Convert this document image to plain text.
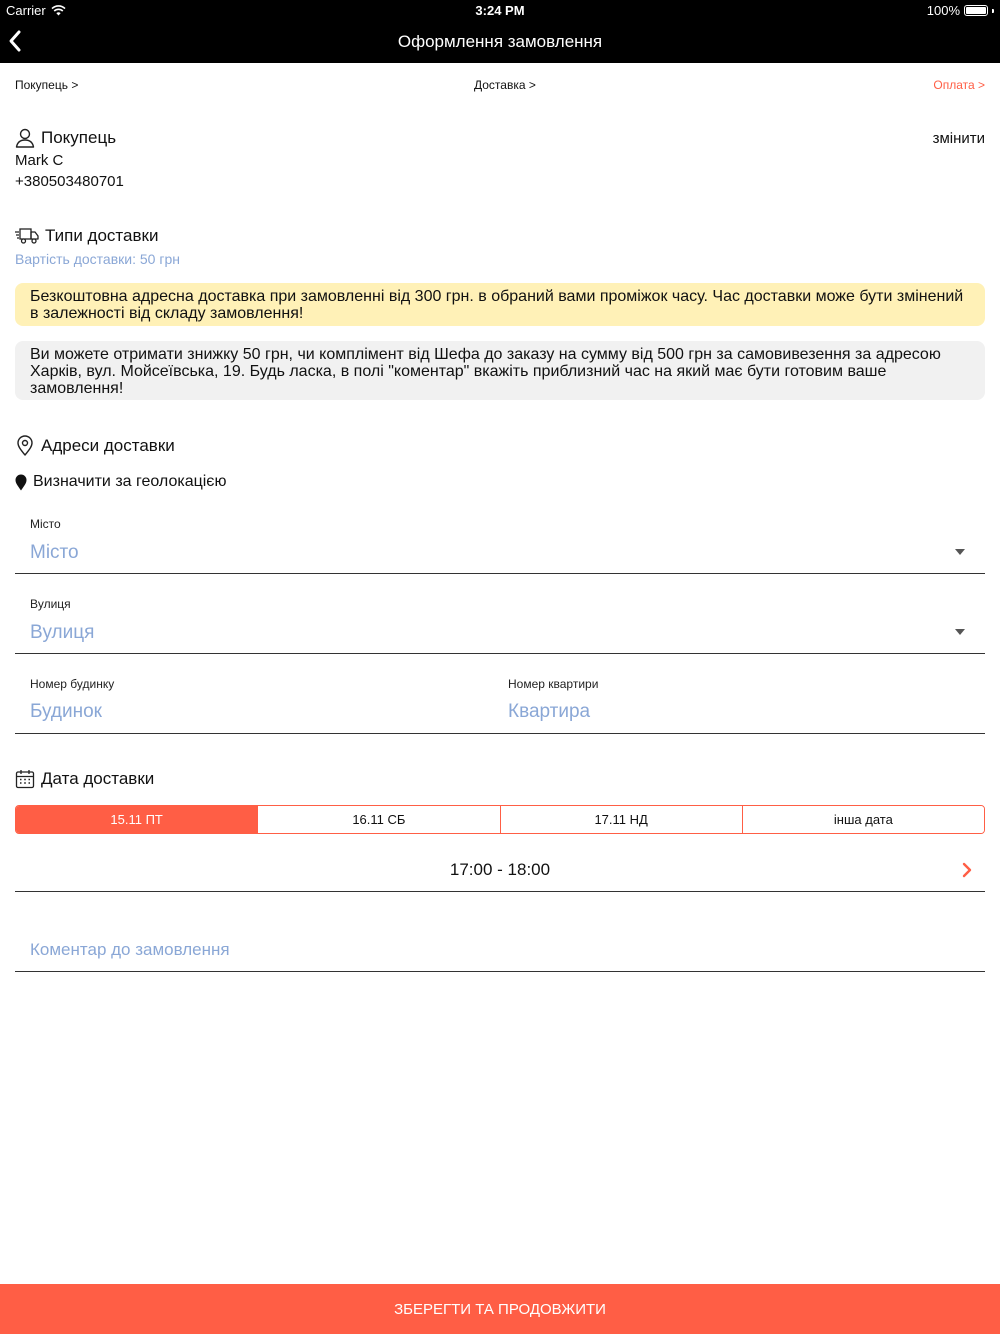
Carrier	3:24 PM	100%
Оформлення замовлення
Покупець >	Доставка >	Оплата >
Покупець	змінити
Mark C
+380503480701
Типи доставки
Вартість доставки: 50 грн
Безкоштовна адресна доставка при замовленні від 300 грн. в обраний вами проміжок часу. Час доставки може бути змінений в залежності від складу замовлення!
Ви можете отримати знижку 50 грн, чи комплімент від Шефа до заказу на сумму від 500 грн за самовивезення за адресою Харків, вул. Мойсеївська, 19. Будь ласка, в полі "коментар" вкажіть приблизний час на який має бути готовим ваше замовлення!
Адреси доставки
Визначити за геолокацією
Місто
Місто
Вулиця
Вулиця
Номер будинку
Будинок
Номер квартири
Квартира
Дата доставки
15.11 ПТ	16.11 СБ	17.11 НД	інша дата
17:00 - 18:00
Коментар до замовлення
ЗБЕРЕГТИ ТА ПРОДОВЖИТИ
